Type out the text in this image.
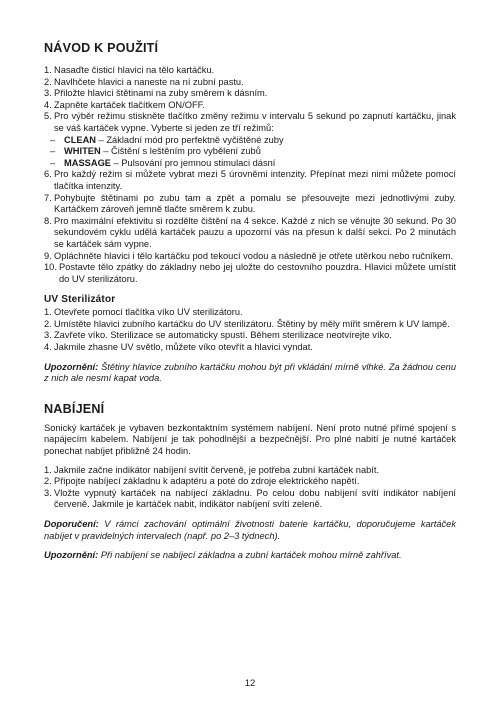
NÁVOD K POUŽITÍ
1. Nasaďte čisticí hlavici na tělo kartáčku.
2. Navlhčete hlavici a naneste na ní zubní pastu.
3. Přiložte hlavici štětinami na zuby směrem k dásním.
4. Zapněte kartáček tlačítkem ON/OFF.
5. Pro výběr režimu stiskněte tlačítko změny režimu v intervalu 5 sekund po zapnutí kartáčku, jinak se váš kartáček vypne. Vyberte si jeden ze tří režimů:
– CLEAN – Základní mód pro perfektně vyčištěné zuby
– WHITEN – Čištění s leštěním pro vybělení zubů
– MASSAGE – Pulsování pro jemnou stimulaci dásní
6. Pro každý režim si můžete vybrat mezi 5 úrovněmi intenzity. Přepínat mezi nimi můžete pomocí tlačítka intenzity.
7. Pohybujte štětinami po zubu tam a zpět a pomalu se přesouvejte mezi jednotlivými zuby. Kartáčkem zároveň jemně tlačte směrem k zubu.
8. Pro maximální efektivitu si rozdělte čištění na 4 sekce. Každé z nich se věnujte 30 sekund. Po 30 sekundovém cyklu udělá kartáček pauzu a upozorní vás na přesun k další sekci. Po 2 minutách se kartáček sám vypne.
9. Opláchněte hlavici i tělo kartáčku pod tekoucí vodou a následně je otřete utěrkou nebo ručníkem.
10. Postavte tělo zpátky do základny nebo jej uložte do cestovního pouzdra. Hlavici můžete umístit do UV sterilizátoru.
UV Sterilizátor
1. Otevřete pomocí tlačítka víko UV sterilizátoru.
2. Umístěte hlavici zubního kartáčku do UV sterilizátoru. Štětiny by měly mířit směrem k UV lampě.
3. Zavřete víko. Sterilizace se automaticky spustí. Během sterilizace neotvírejte víko.
4. Jakmile zhasne UV světlo, můžete víko otevřít a hlavici vyndat.
Upozornění: Štětiny hlavice zubního kartáčku mohou být při vkládání mírně vlhké. Za žádnou cenu z nich ale nesmí kapat voda.
NABÍJENÍ

Sonický kartáček je vybaven bezkontaktním systémem nabíjení. Není proto nutné přímé spojení s napájecím kabelem. Nabíjení je tak pohodlnější a bezpečnější. Pro plné nabití je nutné kartáček ponechat nabíjet přibližně 24 hodin.

1. Jakmile začne indikátor nabíjení svítit červeně, je potřeba zubní kartáček nabít.
2. Připojte nabíjecí základnu k adaptéru a poté do zdroje elektrického napětí.
3. Vložte vypnutý kartáček na nabíjecí základnu. Po celou dobu nabíjení svítí indikátor nabíjení červeně. Jakmile je kartáček nabit, indikátor nabíjení svítí zeleně.
Doporučení: V rámci zachování optimální životnosti baterie kartáčku, doporučujeme kartáček nabíjet v pravidelných intervalech (např. po 2–3 týdnech).
Upozornění: Při nabíjení se nabíjecí základna a zubní kartáček mohou mírně zahřívat.
12
